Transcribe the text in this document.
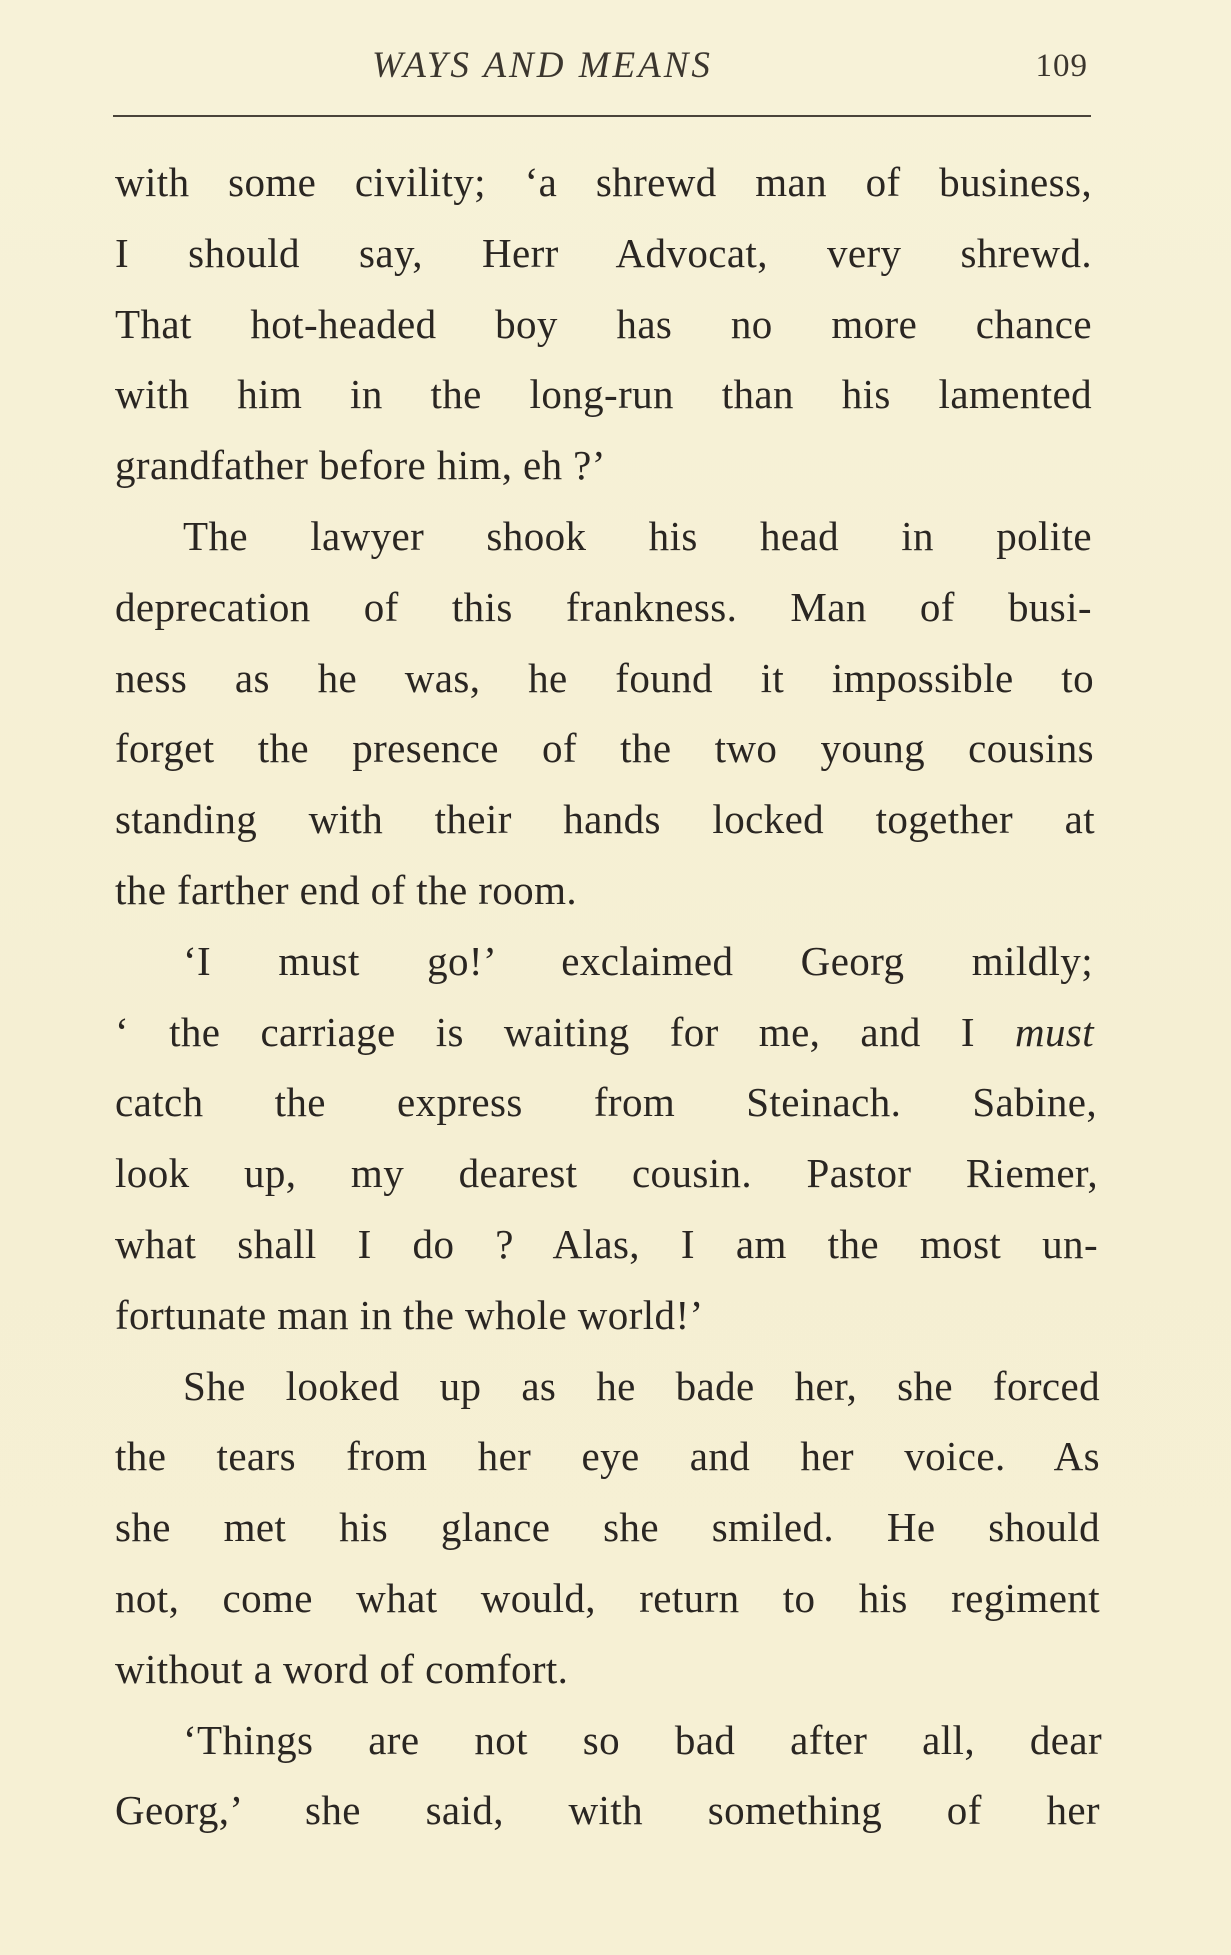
WAYS AND MEANS	109
with some civility; ‘a shrewd man of business,
I should say, Herr Advocat, very shrewd.
That hot-headed boy has no more chance
with him in the long-run than his lamented
grandfather before him, eh ?’
The lawyer shook his head in polite
deprecation of this frankness. Man of busi-
ness as he was, he found it impossible to
forget the presence of the two young cousins
standing with their hands locked together at
the farther end of the room.
‘I must go!’ exclaimed Georg mildly;
‘ the carriage is waiting for me, and I must
catch the express from Steinach. Sabine,
look up, my dearest cousin. Pastor Riemer,
what shall I do ? Alas, I am the most un-
fortunate man in the whole world!’
She looked up as he bade her, she forced
the tears from her eye and her voice. As
she met his glance she smiled. He should
not, come what would, return to his regiment
without a word of comfort.
‘Things are not so bad after all, dear
Georg,’ she said, with something of her
